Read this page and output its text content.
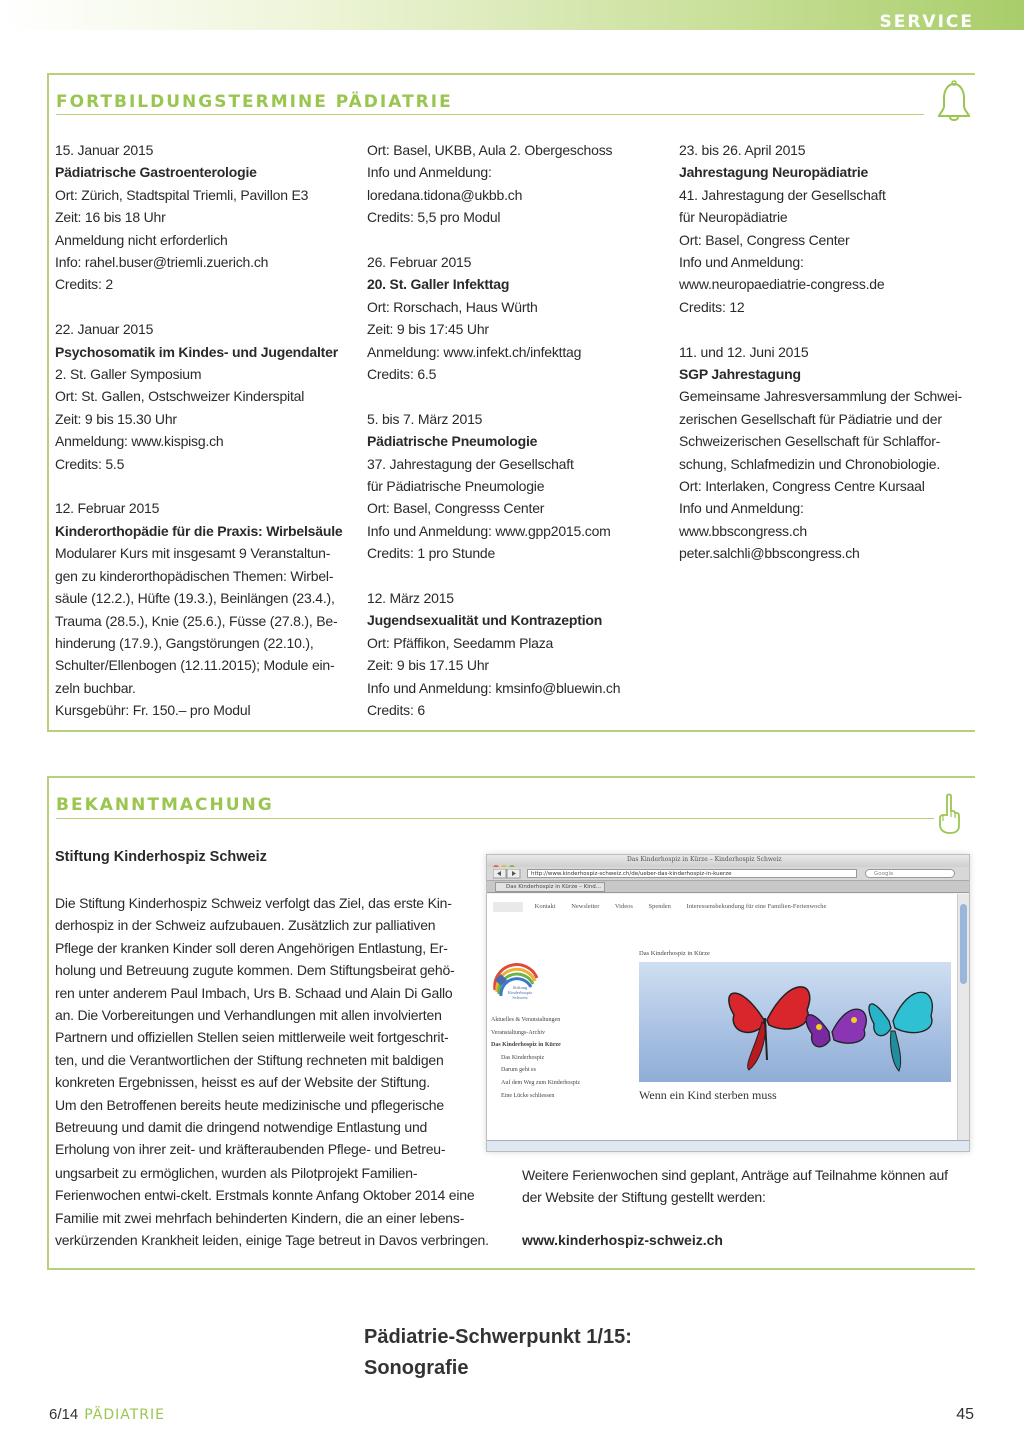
SERVICE
FORTBILDUNGSTERMINE PÄDIATRIE
15. Januar 2015
Pädiatrische Gastroenterologie
Ort: Zürich, Stadtspital Triemli, Pavillon E3
Zeit: 16 bis 18 Uhr
Anmeldung nicht erforderlich
Info: rahel.buser@triemli.zuerich.ch
Credits: 2
22. Januar 2015
Psychosomatik im Kindes- und Jugendalter
2. St. Galler Symposium
Ort: St. Gallen, Ostschweizer Kinderspital
Zeit: 9 bis 15.30 Uhr
Anmeldung: www.kispisg.ch
Credits: 5.5
12. Februar 2015
Kinderorthopädie für die Praxis: Wirbelsäule
Modularer Kurs mit insgesamt 9 Veranstaltun-
gen zu kinderorthopädischen Themen: Wirbel-
säule (12.2.), Hüfte (19.3.), Beinlängen (23.4.),
Trauma (28.5.), Knie (25.6.), Füsse (27.8.), Be-
hinderung (17.9.), Gangstörungen (22.10.),
Schulter/Ellenbogen (12.11.2015); Module ein-
zeln buchbar.
Kursgebühr: Fr. 150.– pro Modul
Ort: Basel, UKBB, Aula 2. Obergeschoss
Info und Anmeldung:
loredana.tidona@ukbb.ch
Credits: 5,5 pro Modul
26. Februar 2015
20. St. Galler Infekttag
Ort: Rorschach, Haus Würth
Zeit: 9 bis 17:45 Uhr
Anmeldung: www.infekt.ch/infekttag
Credits: 6.5
5. bis 7. März 2015
Pädiatrische Pneumologie
37. Jahrestagung der Gesellschaft
für Pädiatrische Pneumologie
Ort: Basel, Congresss Center
Info und Anmeldung: www.gpp2015.com
Credits: 1 pro Stunde
12. März 2015
Jugendsexualität und Kontrazeption
Ort: Pfäffikon, Seedamm Plaza
Zeit: 9 bis 17.15 Uhr
Info und Anmeldung: kmsinfo@bluewin.ch
Credits: 6
23. bis 26. April 2015
Jahrestagung Neuropädiatrie
41. Jahrestagung der Gesellschaft
für Neuropädiatrie
Ort: Basel, Congress Center
Info und Anmeldung:
www.neuropaediatrie-congress.de
Credits: 12
11. und 12. Juni 2015
SGP Jahrestagung
Gemeinsame Jahresversammlung der Schwei-
zerischen Gesellschaft für Pädiatrie und der
Schweizerischen Gesellschaft für Schlaffor-
schung, Schlafmedizin und Chronobiologie.
Ort: Interlaken, Congress Centre Kursaal
Info und Anmeldung:
www.bbscongress.ch
peter.salchli@bbscongress.ch
BEKANNTMACHUNG
Stiftung Kinderhospiz Schweiz
Die Stiftung Kinderhospiz Schweiz verfolgt das Ziel, das erste Kin-
derhospiz in der Schweiz aufzubauen. Zusätzlich zur palliativen
Pflege der kranken Kinder soll deren Angehörigen Entlastung, Er-
holung und Betreuung zugute kommen. Dem Stiftungsbeirat gehö-
ren unter anderem Paul Imbach, Urs B. Schaad und Alain Di Gallo
an. Die Vorbereitungen und Verhandlungen mit allen involvierten
Partnern und offiziellen Stellen seien mittlerweile weit fortgeschrit-
ten, und die Verantwortlichen der Stiftung rechneten mit baldigen
konkreten Ergebnissen, heisst es auf der Website der Stiftung.
Um den Betroffenen bereits heute medizinische und pflegerische
Betreuung und damit die dringend notwendige Entlastung und
Erholung von ihrer zeit- und kräfteraubenden Pflege- und Betreu-
ungsarbeit zu ermöglichen, wurden als Pilotprojekt Familien-
Ferienwochen entwi-ckelt. Erstmals konnte Anfang Oktober 2014 eine
Familie mit zwei mehrfach behinderten Kindern, die an einer lebens-
verkürzenden Krankheit leiden, einige Tage betreut in Davos verbringen.
Das Kinderhospiz in Kürze – Kinderhospiz Schweiz
http://www.kinderhospiz-schweiz.ch/de/ueber-das-kinderhospiz-in-kuerze	Google
Das Kinderhospiz in Kürze – Kind...
Kontakt Newsletter Videos Spenden Interessensbekundung für eine Familien-Ferienwoche
Stiftung Kinderhospiz Schweiz
Das Kinderhospiz in Kürze
Aktuelles & Veranstaltungen
Veranstaltungs-Archiv
Das Kinderhospiz in Kürze
Das Kinderhospiz
Darum geht es
Auf dem Weg zum Kinderhospiz
Eine Lücke schliessen	Wenn ein Kind sterben muss
Weitere Ferienwochen sind geplant, Anträge auf Teilnahme können auf
der Website der Stiftung gestellt werden:
www.kinderhospiz-schweiz.ch
Pädiatrie-Schwerpunkt 1/15:
Sonografie
6/14 PÄDIATRIE	45
